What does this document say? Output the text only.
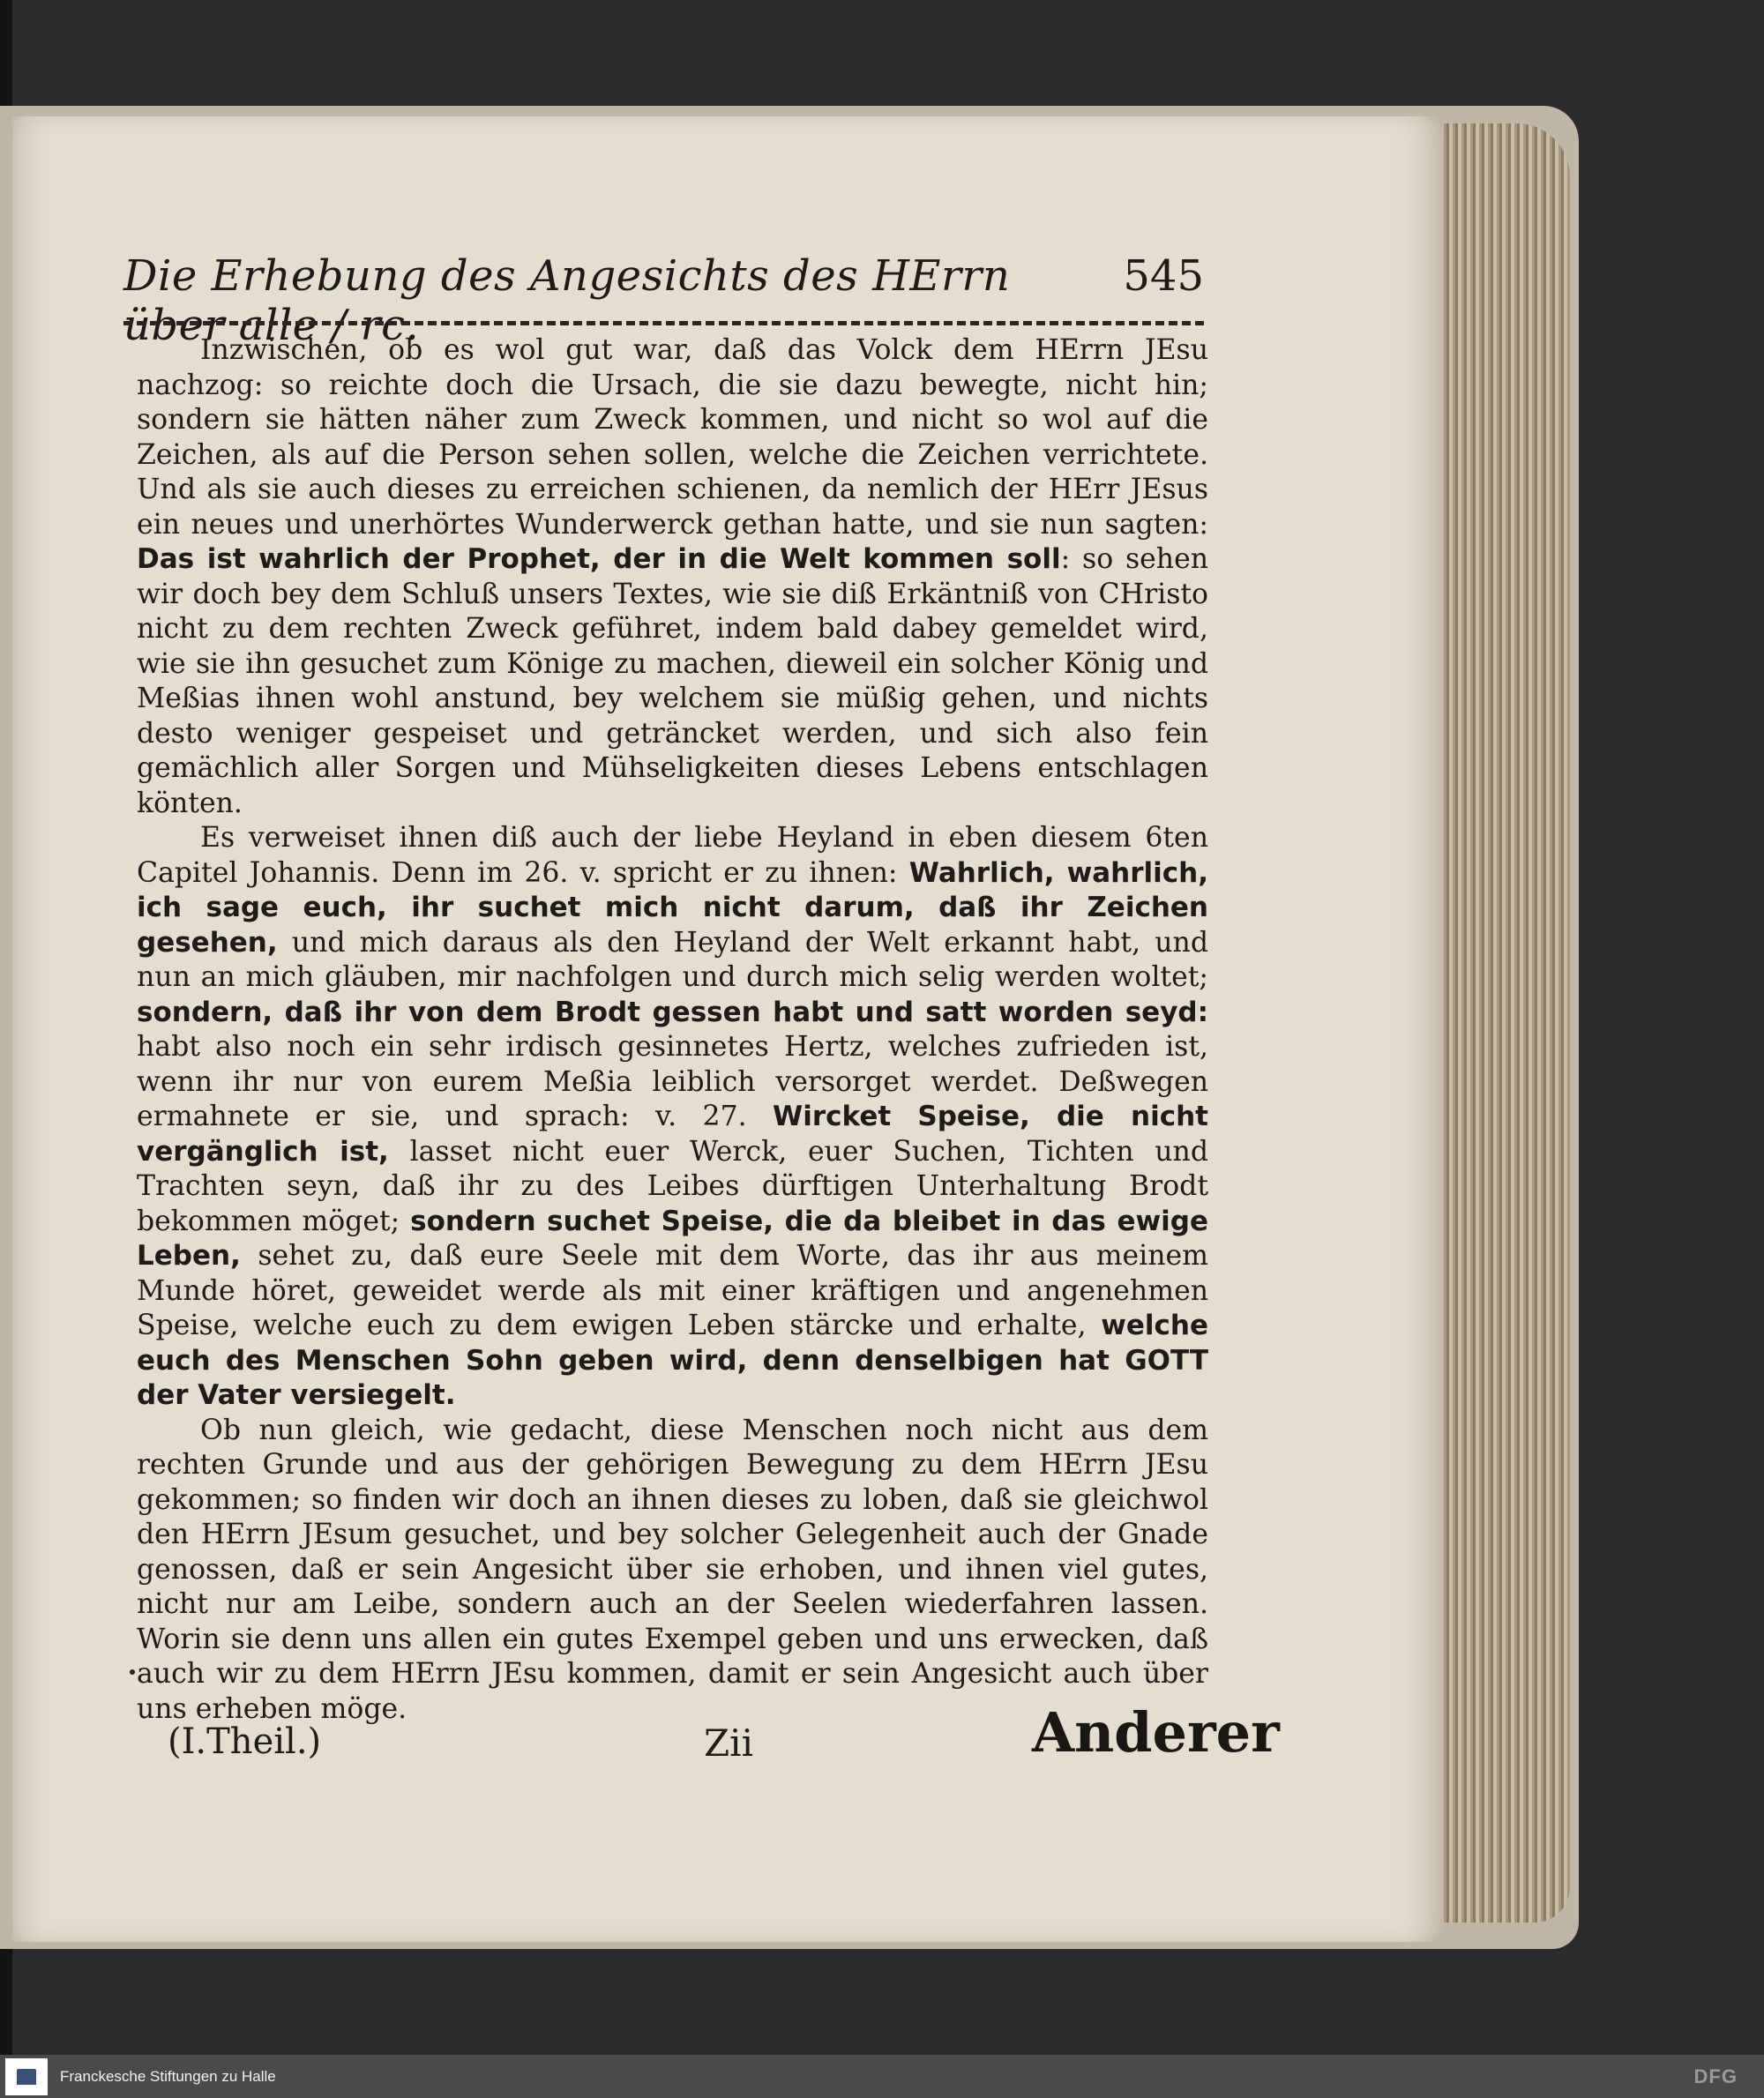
Die Erhebung des Angesichts des HErrn über alle / rc.
545

Inzwischen, ob es wol gut war, daß das Volck dem HErrn JEsu nachzog: so reichte doch die Ursach, die sie dazu bewegte, nicht hin; sondern sie hätten näher zum Zweck kommen, und nicht so wol auf die Zeichen, als auf die Person sehen sollen, welche die Zeichen verrichtete. Und als sie auch dieses zu erreichen schienen, da nemlich der HErr JEsus ein neues und unerhörtes Wunderwerck gethan hatte, und sie nun sagten: Das ist wahrlich der Prophet, der in die Welt kommen soll: so sehen wir doch bey dem Schluß unsers Textes, wie sie diß Erkäntniß von CHristo nicht zu dem rechten Zweck geführet, indem bald dabey gemeldet wird, wie sie ihn gesuchet zum Könige zu machen, dieweil ein solcher König und Meßias ihnen wohl anstund, bey welchem sie müßig gehen, und nichts desto weniger gespeiset und geträncket werden, und sich also fein gemächlich aller Sorgen und Mühseligkeiten dieses Lebens entschlagen könten.

Es verweiset ihnen diß auch der liebe Heyland in eben diesem 6ten Capitel Johannis. Denn im 26. v. spricht er zu ihnen: Wahrlich, wahrlich, ich sage euch, ihr suchet mich nicht darum, daß ihr Zeichen gesehen, und mich daraus als den Heyland der Welt erkannt habt, und nun an mich gläuben, mir nachfolgen und durch mich selig werden woltet; sondern, daß ihr von dem Brodt gessen habt und satt worden seyd: habt also noch ein sehr irdisch gesinnetes Hertz, welches zufrieden ist, wenn ihr nur von eurem Meßia leiblich versorget werdet. Deßwegen ermahnete er sie, und sprach: v. 27. Wircket Speise, die nicht vergänglich ist, lasset nicht euer Werck, euer Suchen, Tichten und Trachten seyn, daß ihr zu des Leibes dürftigen Unterhaltung Brodt bekommen möget; sondern suchet Speise, die da bleibet in das ewige Leben, sehet zu, daß eure Seele mit dem Worte, das ihr aus meinem Munde höret, geweidet werde als mit einer kräftigen und angenehmen Speise, welche euch zu dem ewigen Leben stärcke und erhalte, welche euch des Menschen Sohn geben wird, denn denselbigen hat GOTT der Vater versiegelt.

Ob nun gleich, wie gedacht, diese Menschen noch nicht aus dem rechten Grunde und aus der gehörigen Bewegung zu dem HErrn JEsu gekommen; so finden wir doch an ihnen dieses zu loben, daß sie gleichwol den HErrn JEsum gesuchet, und bey solcher Gelegenheit auch der Gnade genossen, daß er sein Angesicht über sie erhoben, und ihnen viel gutes, nicht nur am Leibe, sondern auch an der Seelen wiederfahren lassen. Worin sie denn uns allen ein gutes Exempel geben und uns erwecken, daß auch wir zu dem HErrn JEsu kommen, damit er sein Angesicht auch über uns erheben möge.

(I.Theil.)	Zii	Anderer
Franckesche Stiftungen zu Halle	DFG
